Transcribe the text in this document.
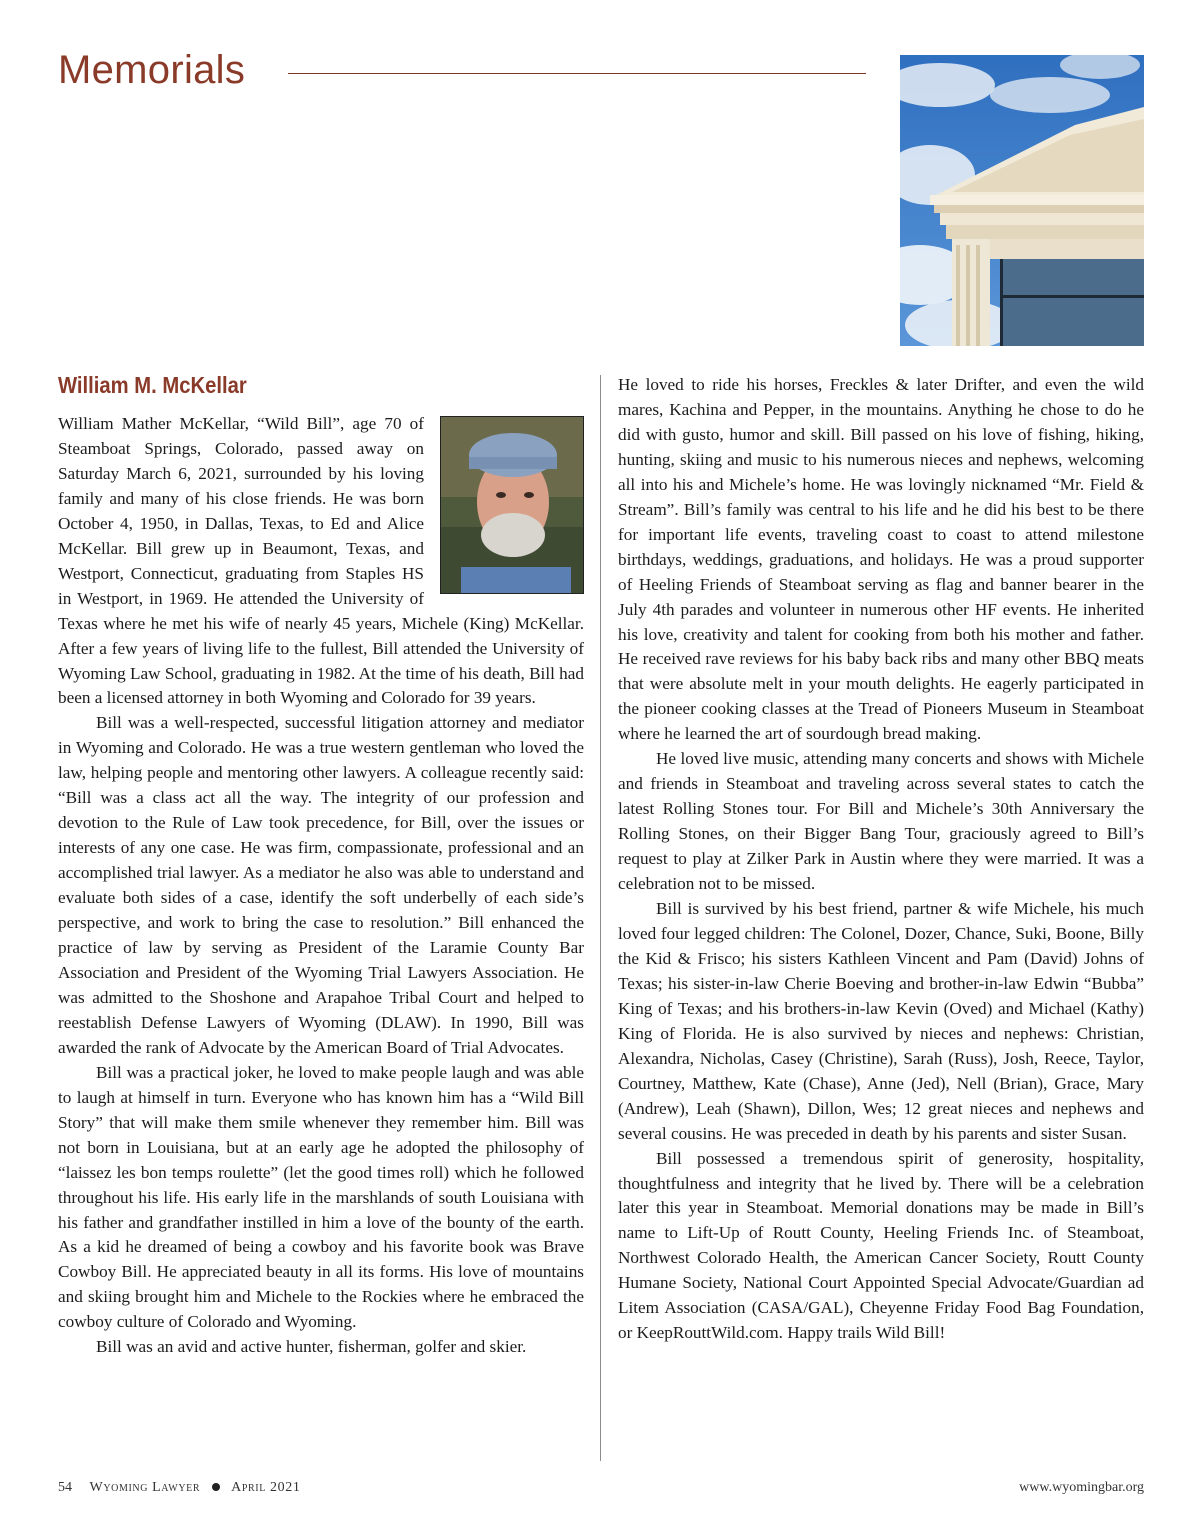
Memorials
William M. McKellar

William Mather McKellar, “Wild Bill”, age 70 of Steamboat Springs, Colorado, passed away on Saturday March 6, 2021, surrounded by his loving family and many of his close friends. He was born October 4, 1950, in Dallas, Texas, to Ed and Alice McKellar. Bill grew up in Beaumont, Texas, and Westport, Connecticut, graduating from Staples HS in Westport, in 1969. He attended the University of Texas where he met his wife of nearly 45 years, Michele (King) McKellar. After a few years of living life to the fullest, Bill attended the University of Wyoming Law School, graduating in 1982. At the time of his death, Bill had been a licensed attorney in both Wyoming and Colorado for 39 years.

Bill was a well-respected, successful litigation attorney and mediator in Wyoming and Colorado. He was a true western gentleman who loved the law, helping people and mentoring other lawyers. A colleague recently said: “Bill was a class act all the way. The integrity of our profession and devotion to the Rule of Law took precedence, for Bill, over the issues or interests of any one case. He was firm, compassionate, professional and an accomplished trial lawyer. As a mediator he also was able to understand and evaluate both sides of a case, identify the soft underbelly of each side’s perspective, and work to bring the case to resolution.” Bill enhanced the practice of law by serving as President of the Laramie County Bar Association and President of the Wyoming Trial Lawyers Association. He was admitted to the Shoshone and Arapahoe Tribal Court and helped to reestablish Defense Lawyers of Wyoming (DLAW). In 1990, Bill was awarded the rank of Advocate by the American Board of Trial Advocates.

Bill was a practical joker, he loved to make people laugh and was able to laugh at himself in turn. Everyone who has known him has a “Wild Bill Story” that will make them smile whenever they remember him. Bill was not born in Louisiana, but at an early age he adopted the philosophy of “laissez les bon temps roulette” (let the good times roll) which he followed throughout his life. His early life in the marshlands of south Louisiana with his father and grandfather instilled in him a love of the bounty of the earth. As a kid he dreamed of being a cowboy and his favorite book was Brave Cowboy Bill. He appreciated beauty in all its forms. His love of mountains and skiing brought him and Michele to the Rockies where he embraced the cowboy culture of Colorado and Wyoming.

Bill was an avid and active hunter, fisherman, golfer and skier.

He loved to ride his horses, Freckles & later Drifter, and even the wild mares, Kachina and Pepper, in the mountains. Anything he chose to do he did with gusto, humor and skill. Bill passed on his love of fishing, hiking, hunting, skiing and music to his numerous nieces and nephews, welcoming all into his and Michele’s home. He was lovingly nicknamed “Mr. Field & Stream”. Bill’s family was central to his life and he did his best to be there for important life events, traveling coast to coast to attend milestone birthdays, weddings, graduations, and holidays. He was a proud supporter of Heeling Friends of Steamboat serving as flag and banner bearer in the July 4th parades and volunteer in numerous other HF events. He inherited his love, creativity and talent for cooking from both his mother and father. He received rave reviews for his baby back ribs and many other BBQ meats that were absolute melt in your mouth delights. He eagerly participated in the pioneer cooking classes at the Tread of Pioneers Museum in Steamboat where he learned the art of sourdough bread making.

He loved live music, attending many concerts and shows with Michele and friends in Steamboat and traveling across several states to catch the latest Rolling Stones tour. For Bill and Michele’s 30th Anniversary the Rolling Stones, on their Bigger Bang Tour, graciously agreed to Bill’s request to play at Zilker Park in Austin where they were married. It was a celebration not to be missed.

Bill is survived by his best friend, partner & wife Michele, his much loved four legged children: The Colonel, Dozer, Chance, Suki, Boone, Billy the Kid & Frisco; his sisters Kathleen Vincent and Pam (David) Johns of Texas; his sister-in-law Cherie Boeving and brother-in-law Edwin “Bubba” King of Texas; and his brothers-in-law Kevin (Oved) and Michael (Kathy) King of Florida. He is also survived by nieces and nephews: Christian, Alexandra, Nicholas, Casey (Christine), Sarah (Russ), Josh, Reece, Taylor, Courtney, Matthew, Kate (Chase), Anne (Jed), Nell (Brian), Grace, Mary (Andrew), Leah (Shawn), Dillon, Wes; 12 great nieces and nephews and several cousins. He was preceded in death by his parents and sister Susan.

Bill possessed a tremendous spirit of generosity, hospitality, thoughtfulness and integrity that he lived by. There will be a celebration later this year in Steamboat. Memorial donations may be made in Bill’s name to Lift-Up of Routt County, Heeling Friends Inc. of Steamboat, Northwest Colorado Health, the American Cancer Society, Routt County Humane Society, National Court Appointed Special Advocate/Guardian ad Litem Association (CASA/GAL), Cheyenne Friday Food Bag Foundation, or KeepRouttWild.com. Happy trails Wild Bill!

54 Wyoming Lawyer April 2021	www.wyomingbar.org
